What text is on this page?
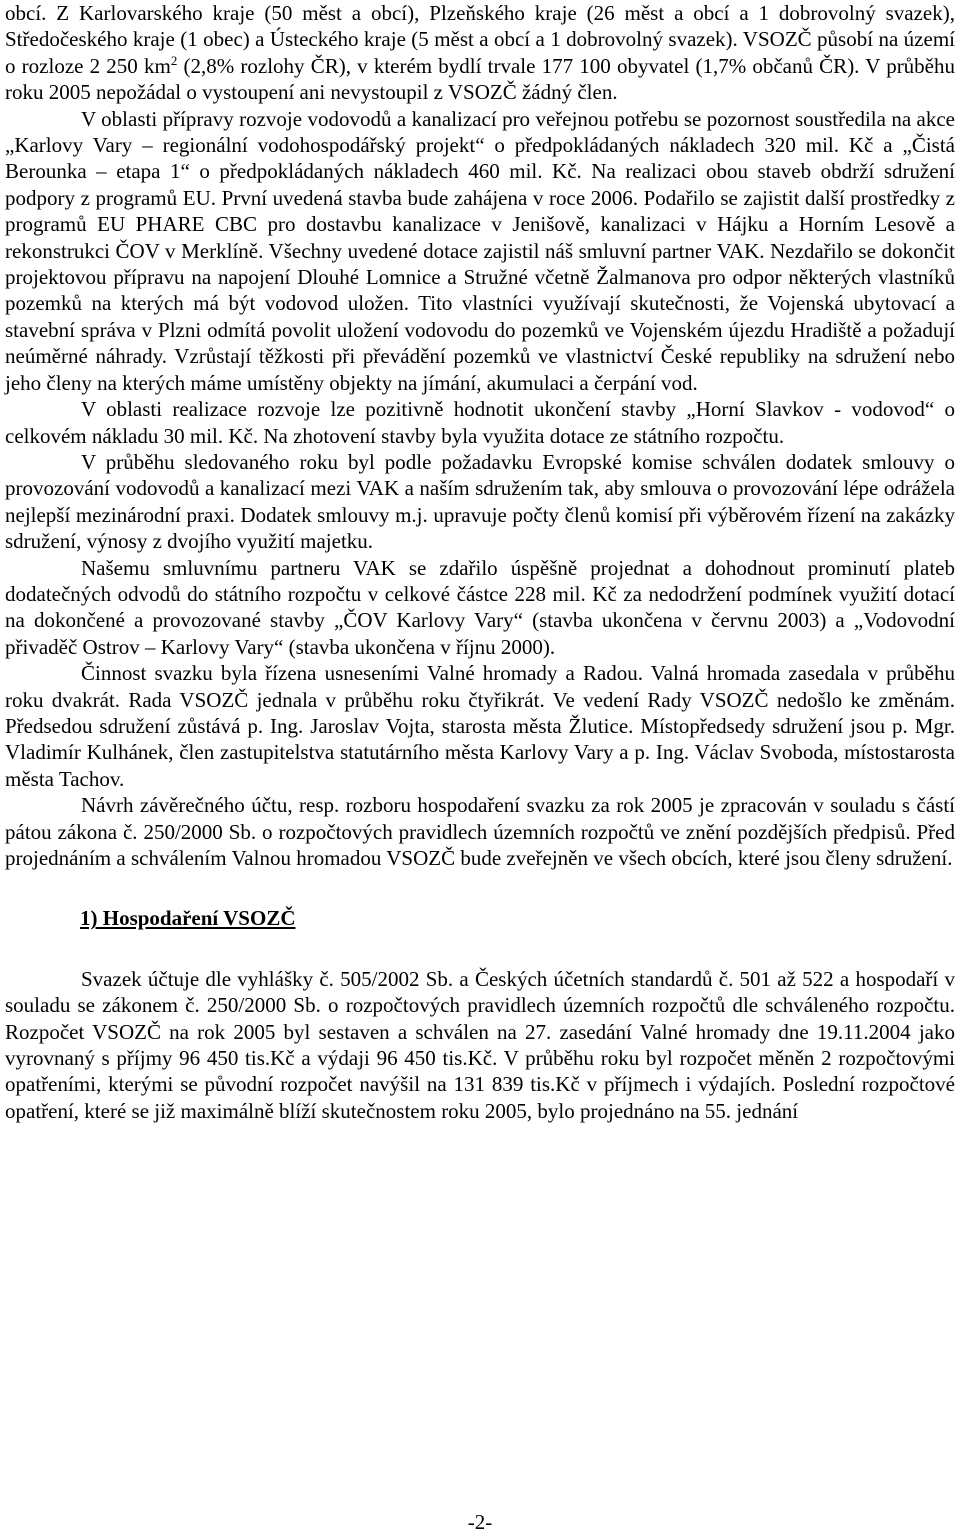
obcí. Z Karlovarského kraje (50 měst a obcí), Plzeňského kraje (26 měst a obcí a 1 dobrovolný svazek), Středočeského kraje (1 obec) a Ústeckého kraje (5 měst a obcí a 1 dobrovolný svazek). VSOZČ působí na území o rozloze 2 250 $km^2$ (2,8% rozlohy ČR), v kterém bydlí trvale 177 100 obyvatel (1,7% občanů ČR). V průběhu roku 2005 nepožádal o vystoupení ani nevystoupil z VSOZČ žádný člen.

V oblasti přípravy rozvoje vodovodů a kanalizací pro veřejnou potřebu se pozornost soustředila na akce „Karlovy Vary – regionální vodohospodářský projekt“ o předpokládaných nákladech 320 mil. Kč a „Čistá Berounka – etapa 1“ o předpokládaných nákladech 460 mil. Kč. Na realizaci obou staveb obdrží sdružení podpory z programů EU. První uvedená stavba bude zahájena v roce 2006. Podařilo se zajistit další prostředky z programů EU PHARE CBC pro dostavbu kanalizace v Jenišově, kanalizaci v Hájku a Horním Lesově a rekonstrukci ČOV v Merklíně. Všechny uvedené dotace zajistil náš smluvní partner VAK. Nezdařilo se dokončit projektovou přípravu na napojení Dlouhé Lomnice a Stružné včetně Žalmanova pro odpor některých vlastníků pozemků na kterých má být vodovod uložen. Tito vlastníci využívají skutečnosti, že Vojenská ubytovací a stavební správa v Plzni odmítá povolit uložení vodovodu do pozemků ve Vojenském újezdu Hradiště a požadují neúměrné náhrady. Vzrůstají těžkosti při převádění pozemků ve vlastnictví České republiky na sdružení nebo jeho členy na kterých máme umístěny objekty na jímání, akumulaci a čerpání vod.

V oblasti realizace rozvoje lze pozitivně hodnotit ukončení stavby „Horní Slavkov - vodovod“ o celkovém nákladu 30 mil. Kč. Na zhotovení stavby byla využita dotace ze státního rozpočtu.

V průběhu sledovaného roku byl podle požadavku Evropské komise schválen dodatek smlouvy o provozování vodovodů a kanalizací mezi VAK a naším sdružením tak, aby smlouva o provozování lépe odrážela nejlepší mezinárodní praxi. Dodatek smlouvy m.j. upravuje počty členů komisí při výběrovém řízení na zakázky sdružení, výnosy z dvojího využití majetku.

Našemu smluvnímu partneru VAK se zdařilo úspěšně projednat a dohodnout prominutí plateb dodatečných odvodů do státního rozpočtu v celkové částce 228 mil. Kč za nedodržení podmínek využití dotací na dokončené a provozované stavby „ČOV Karlovy Vary“ (stavba ukončena v červnu 2003) a „Vodovodní přivaděč Ostrov – Karlovy Vary“ (stavba ukončena v říjnu 2000).

Činnost svazku byla řízena usneseními Valné hromady a Radou. Valná hromada zasedala v průběhu roku dvakrát. Rada VSOZČ jednala v průběhu roku čtyřikrát. Ve vedení Rady VSOZČ nedošlo ke změnám. Předsedou sdružení zůstává p. Ing. Jaroslav Vojta, starosta města Žlutice. Místopředsedy sdružení jsou p. Mgr. Vladimír Kulhánek, člen zastupitelstva statutárního města Karlovy Vary a p. Ing. Václav Svoboda, místostarosta města Tachov.

Návrh závěrečného účtu, resp. rozboru hospodaření svazku za rok 2005 je zpracován v souladu s částí pátou zákona č. 250/2000 Sb. o rozpočtových pravidlech územních rozpočtů ve znění pozdějších předpisů. Před projednáním a schválením Valnou hromadou VSOZČ bude zveřejněn ve všech obcích, které jsou členy sdružení.

1) Hospodaření VSOZČ

Svazek účtuje dle vyhlášky č. 505/2002 Sb. a Českých účetních standardů č. 501 až 522 a hospodaří v souladu se zákonem č. 250/2000 Sb. o rozpočtových pravidlech územních rozpočtů dle schváleného rozpočtu. Rozpočet VSOZČ na rok 2005 byl sestaven a schválen na 27. zasedání Valné hromady dne 19.11.2004 jako vyrovnaný s příjmy 96 450 tis.Kč a výdaji 96 450 tis.Kč. V průběhu roku byl rozpočet měněn 2 rozpočtovými opatřeními, kterými se původní rozpočet navýšil na 131 839 tis.Kč v příjmech i výdajích. Poslední rozpočtové opatření, které se již maximálně blíží skutečnostem roku 2005, bylo projednáno na 55. jednání

-2-
